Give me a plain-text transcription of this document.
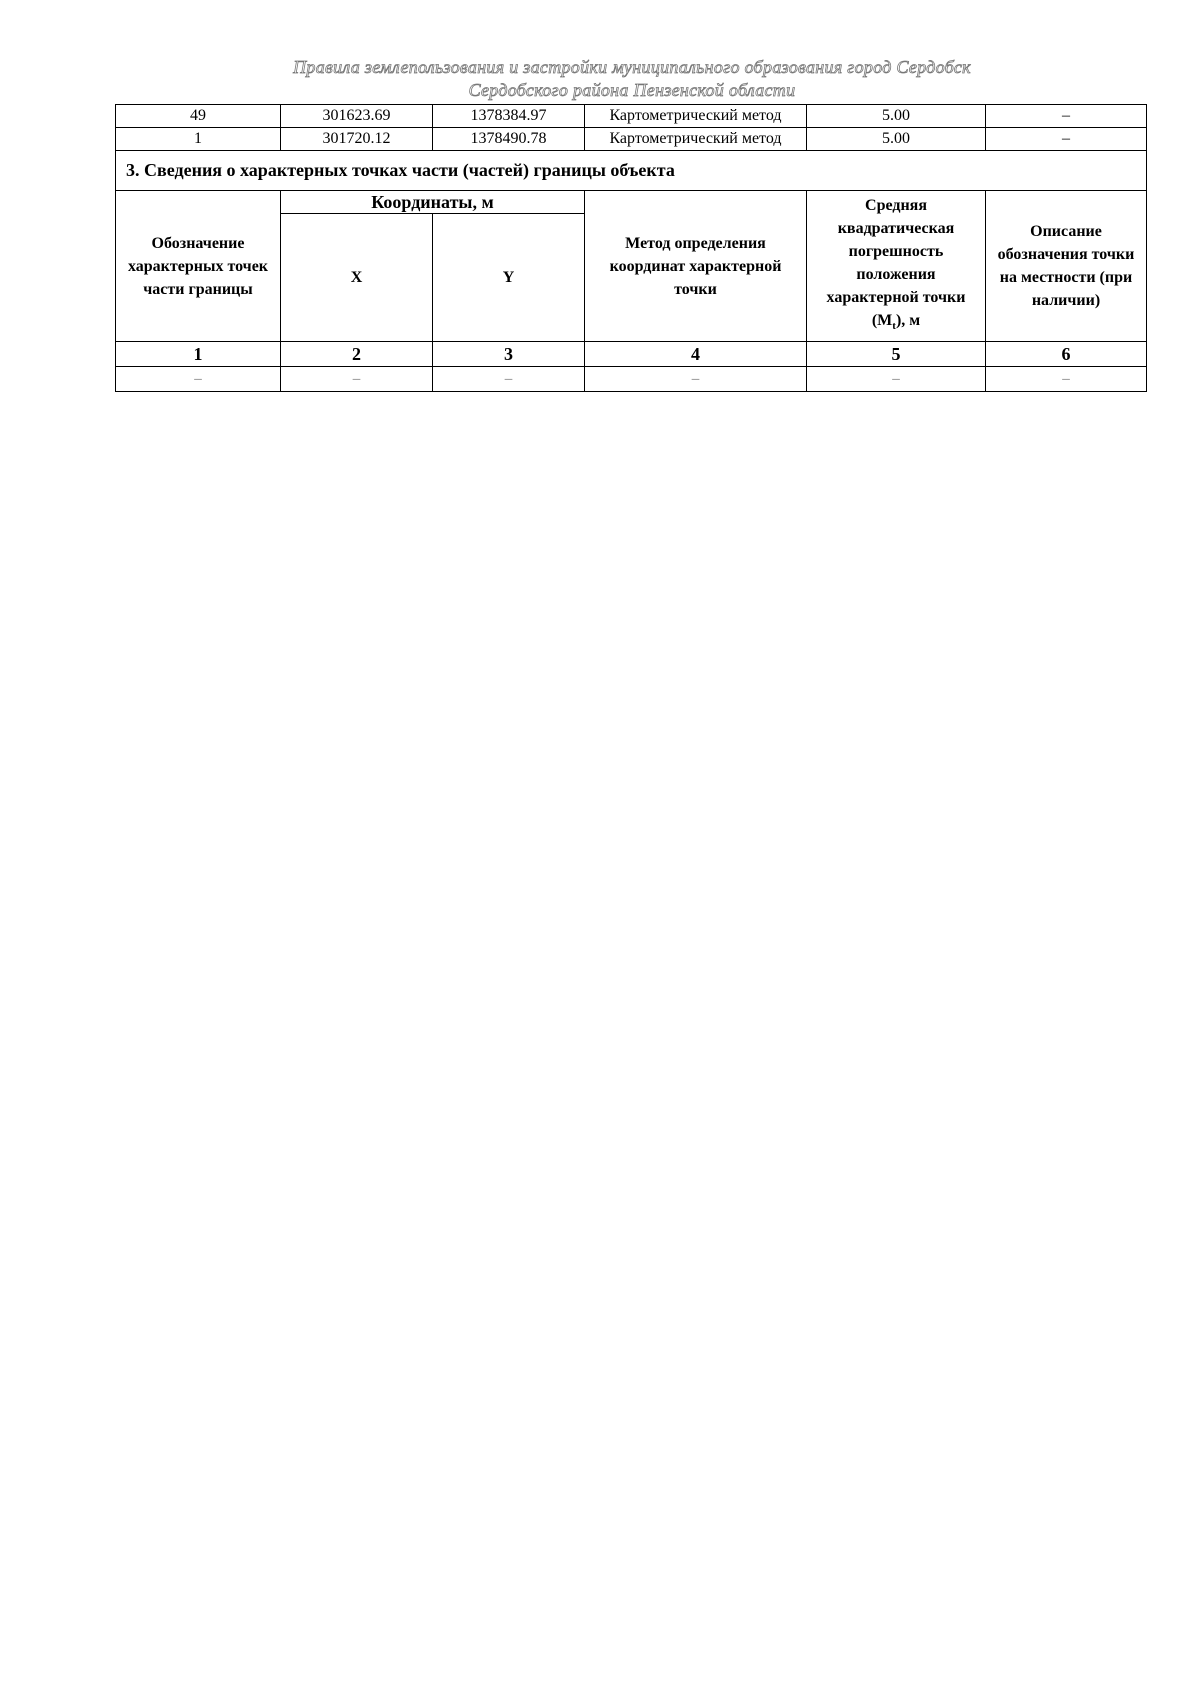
Правила землепользования и застройки муниципального образования город Сердобск
Сердобского района Пензенской области
49	301623.69	1378384.97	Картометрический метод	5.00	–
1	301720.12	1378490.78	Картометрический метод	5.00	–
3. Сведения о характерных точках части (частей) границы объекта					
Обозначение характерных точек части границы	Координаты, м		Метод определения координат характерной точки	Средняя квадратическая погрешность положения характерной точки $(M_t)$, м	Описание обозначения точки на местности (при наличии)
	X	Y			
1	2	3	4	5	6
–	–	–	–	–	–
